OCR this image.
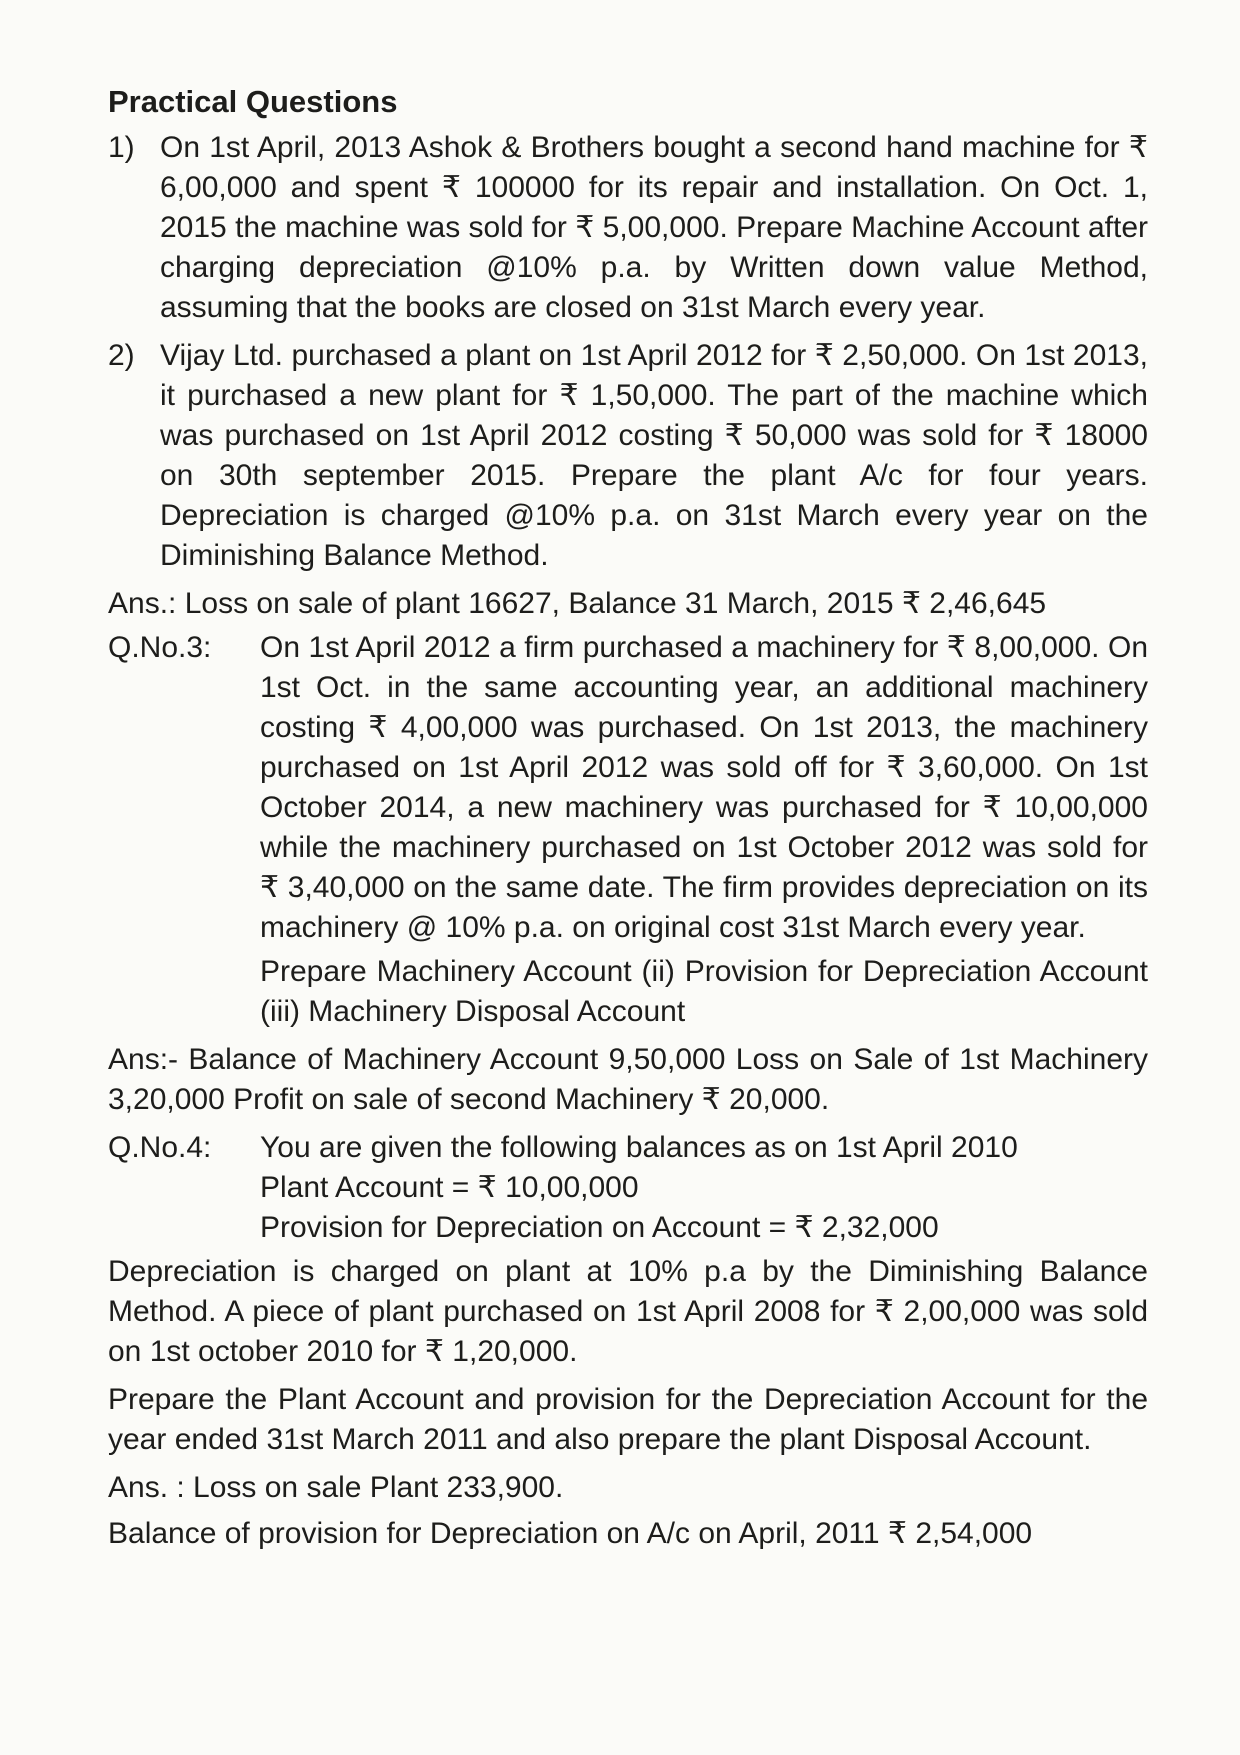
Practical Questions
1) On 1st April, 2013 Ashok & Brothers bought a second hand machine for ₹ 6,00,000 and spent ₹ 100000 for its repair and installation. On Oct. 1, 2015 the machine was sold for ₹ 5,00,000. Prepare Machine Account after charging depreciation @10% p.a. by Written down value Method, assuming that the books are closed on 31st March every year.

2) Vijay Ltd. purchased a plant on 1st April 2012 for ₹ 2,50,000. On 1st 2013, it purchased a new plant for ₹ 1,50,000. The part of the machine which was purchased on 1st April 2012 costing ₹ 50,000 was sold for ₹ 18000 on 30th september 2015. Prepare the plant A/c for four years. Depreciation is charged @10% p.a. on 31st March every year on the Diminishing Balance Method.

Ans.: Loss on sale of plant 16627, Balance 31 March, 2015 ₹ 2,46,645
Q.No.3: On 1st April 2012 a firm purchased a machinery for ₹ 8,00,000. On 1st Oct. in the same accounting year, an additional machinery costing ₹ 4,00,000 was purchased. On 1st 2013, the machinery purchased on 1st April 2012 was sold off for ₹ 3,60,000. On 1st October 2014, a new machinery was purchased for ₹ 10,00,000 while the machinery purchased on 1st October 2012 was sold for ₹ 3,40,000 on the same date. The firm provides depreciation on its machinery @ 10% p.a. on original cost 31st March every year.

Prepare Machinery Account (ii) Provision for Depreciation Account (iii) Machinery Disposal Account

Ans:- Balance of Machinery Account 9,50,000 Loss on Sale of 1st Machinery 3,20,000 Profit on sale of second Machinery ₹ 20,000.
Q.No.4: You are given the following balances as on 1st April 2010

Plant Account = ₹ 10,00,000

Provision for Depreciation on Account = ₹ 2,32,000

Depreciation is charged on plant at 10% p.a by the Diminishing Balance Method. A piece of plant purchased on 1st April 2008 for ₹ 2,00,000 was sold on 1st october 2010 for ₹ 1,20,000.
Prepare the Plant Account and provision for the Depreciation Account for the year ended 31st March 2011 and also prepare the plant Disposal Account.
Ans. : Loss on sale Plant 233,900.
Balance of provision for Depreciation on A/c on April, 2011 ₹ 2,54,000
